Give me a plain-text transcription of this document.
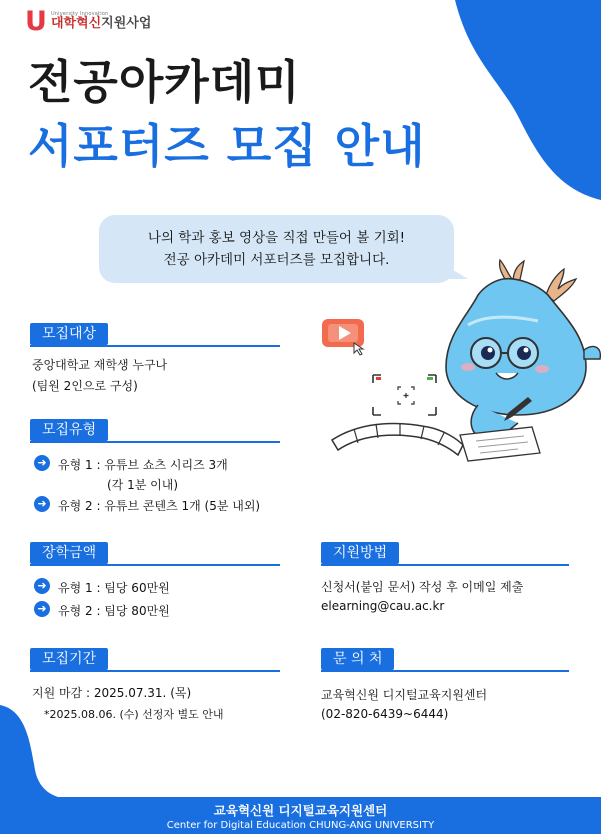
U University Innovation
대학혁신지원사업
전공아카데미
서포터즈 모집 안내
나의 학과 홍보 영상을 직접 만들어 볼 기회!
전공 아카데미 서포터즈를 모집합니다.
모집대상
중앙대학교 재학생 누구나
(팀원 2인으로 구성)
모집유형
➜ 유형 1 : 유튜브 쇼츠 시리즈 3개
(각 1분 이내)
➜ 유형 2 : 유튜브 콘텐츠 1개 (5분 내외)
장학금액
➜ 유형 1 : 팀당 60만원
➜ 유형 2 : 팀당 80만원
모집기간
지원 마감 : 2025.07.31. (목)
*2025.08.06. (수) 선정자 별도 안내
지원방법
신청서(붙임 문서) 작성 후 이메일 제출
elearning@cau.ac.kr
문 의 처
교육혁신원 디지털교육지원센터
(02-820-6439~6444)
교육혁신원 디지털교육지원센터
Center for Digital Education CHUNG-ANG UNIVERSITY
